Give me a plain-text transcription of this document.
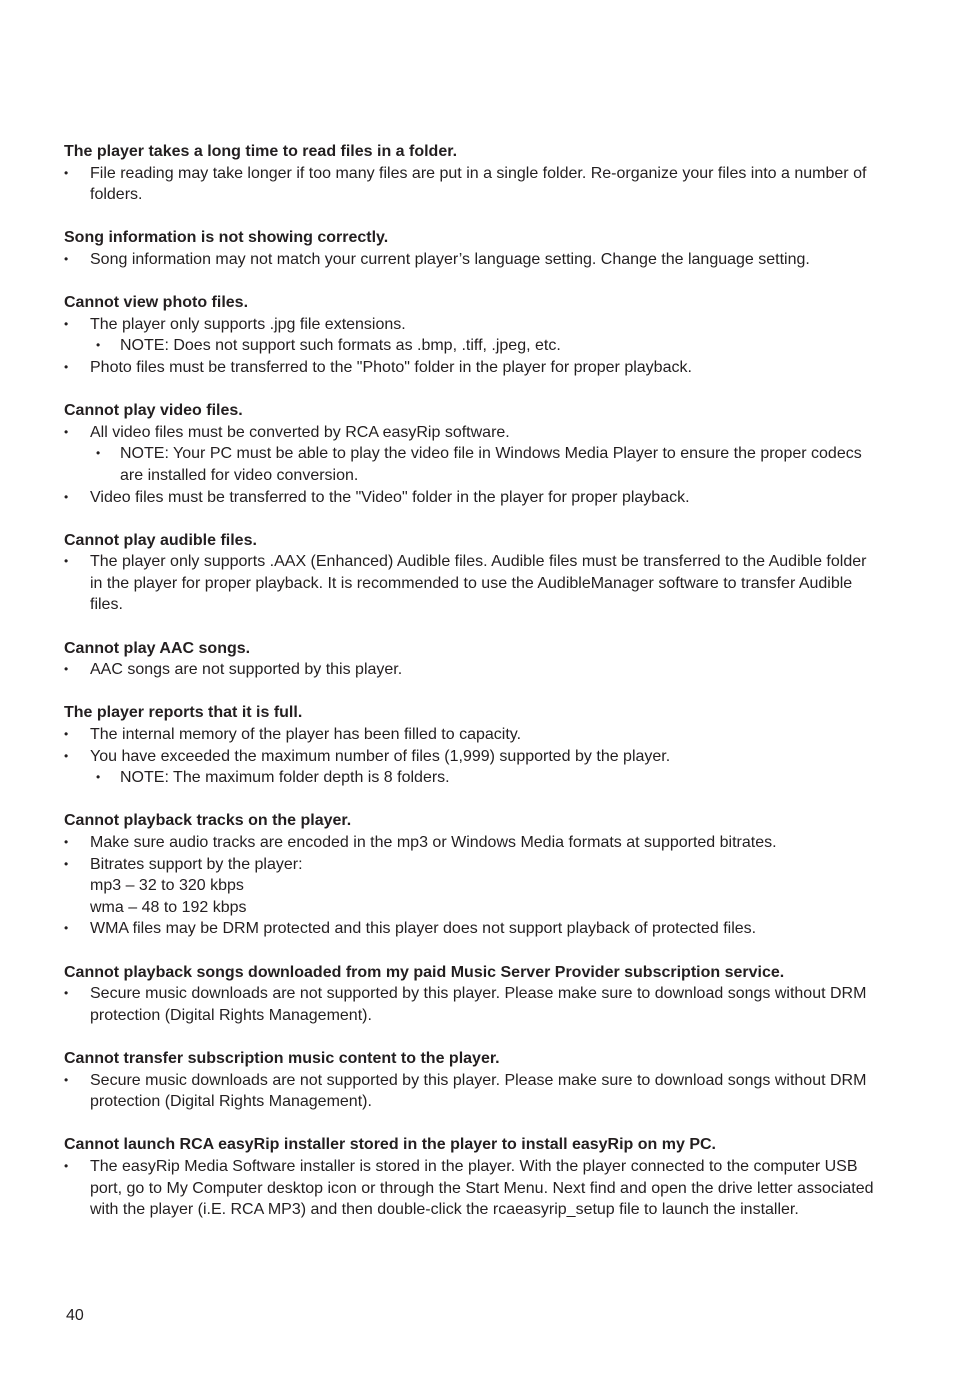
The player takes a long time to read files in a folder.

• File reading may take longer if too many files are put in a single folder. Re-organize your files into a number of folders.

Song information is not showing correctly.

• Song information may not match your current player’s language setting. Change the language setting.

Cannot view photo files.

• The player only supports .jpg file extensions.
• NOTE: Does not support such formats as .bmp, .tiff, .jpeg, etc.
• Photo files must be transferred to the "Photo" folder in the player for proper playback.

Cannot play video files.

• All video files must be converted by RCA easyRip software.
• NOTE: Your PC must be able to play the video file in Windows Media Player to ensure the proper codecs are installed for video conversion.
• Video files must be transferred to the "Video" folder in the player for proper playback.

Cannot play audible files.

• The player only supports .AAX (Enhanced) Audible files. Audible files must be transferred to the Audible folder in the player for proper playback. It is recommended to use the AudibleManager software to transfer Audible files.

Cannot play AAC songs.

• AAC songs are not supported by this player.

The player reports that it is full.

• The internal memory of the player has been filled to capacity.
• You have exceeded the maximum number of files (1,999) supported by the player.
• NOTE: The maximum folder depth is 8 folders.

Cannot playback tracks on the player.

• Make sure audio tracks are encoded in the mp3 or Windows Media formats at supported bitrates.
• Bitrates support by the player:
mp3 – 32 to 320 kbps
wma – 48 to 192 kbps
• WMA files may be DRM protected and this player does not support playback of protected files.

Cannot playback songs downloaded from my paid Music Server Provider subscription service.

• Secure music downloads are not supported by this player. Please make sure to download songs without DRM protection (Digital Rights Management).

Cannot transfer subscription music content to the player.

• Secure music downloads are not supported by this player. Please make sure to download songs without DRM protection (Digital Rights Management).

Cannot launch RCA easyRip installer stored in the player to install easyRip on my PC.

• The easyRip Media Software installer is stored in the player. With the player connected to the computer USB port, go to My Computer desktop icon or through the Start Menu. Next find and open the drive letter associated with the player (i.E. RCA MP3) and then double-click the rcaeasyrip_setup file to launch the installer.
40
